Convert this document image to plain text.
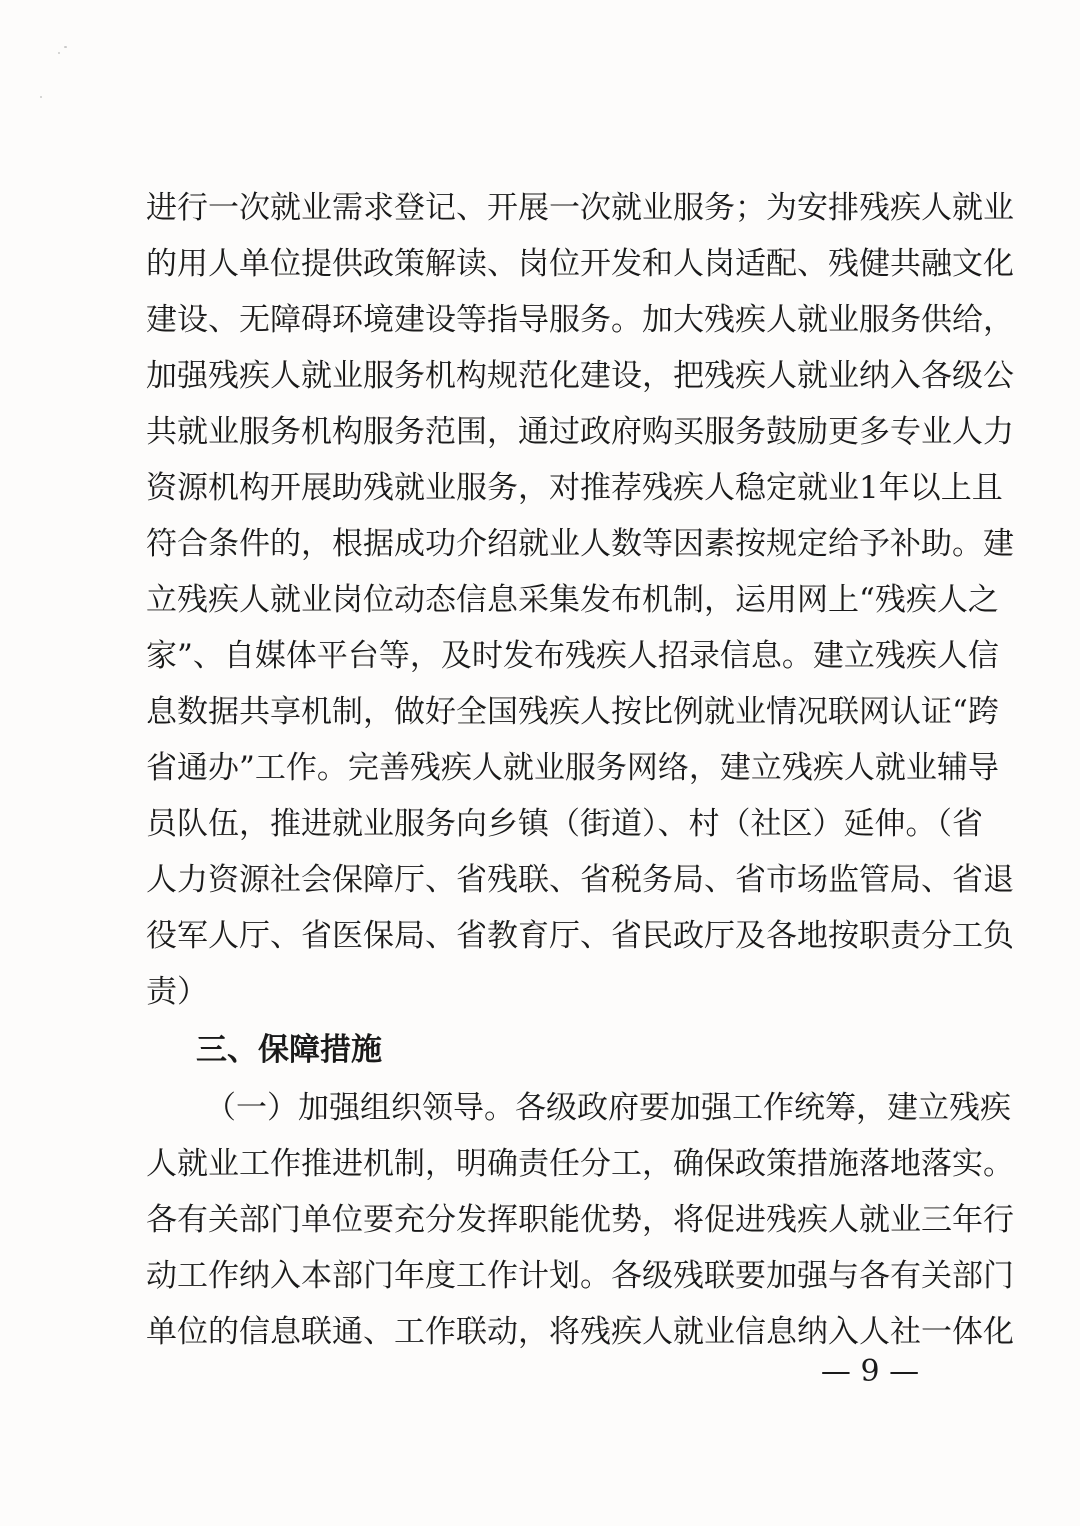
进行一次就业需求登记、开展一次就业服务；为安排残疾人就业
的用人单位提供政策解读、岗位开发和人岗适配、残健共融文化
建设、无障碍环境建设等指导服务。加大残疾人就业服务供给，
加强残疾人就业服务机构规范化建设，把残疾人就业纳入各级公
共就业服务机构服务范围，通过政府购买服务鼓励更多专业人力
资源机构开展助残就业服务，对推荐残疾人稳定就业1年以上且
符合条件的，根据成功介绍就业人数等因素按规定给予补助。建
立残疾人就业岗位动态信息采集发布机制，运用网上“残疾人之
家”、自媒体平台等，及时发布残疾人招录信息。建立残疾人信
息数据共享机制，做好全国残疾人按比例就业情况联网认证“跨
省通办”工作。完善残疾人就业服务网络，建立残疾人就业辅导
员队伍，推进就业服务向乡镇（街道）、村（社区）延伸。（省
人力资源社会保障厅、省残联、省税务局、省市场监管局、省退
役军人厅、省医保局、省教育厅、省民政厅及各地按职责分工负
责）
三、保障措施
（一）加强组织领导。各级政府要加强工作统筹，建立残疾
人就业工作推进机制，明确责任分工，确保政策措施落地落实。
各有关部门单位要充分发挥职能优势，将促进残疾人就业三年行
动工作纳入本部门年度工作计划。各级残联要加强与各有关部门
单位的信息联通、工作联动，将残疾人就业信息纳入人社一体化
— 9 —
